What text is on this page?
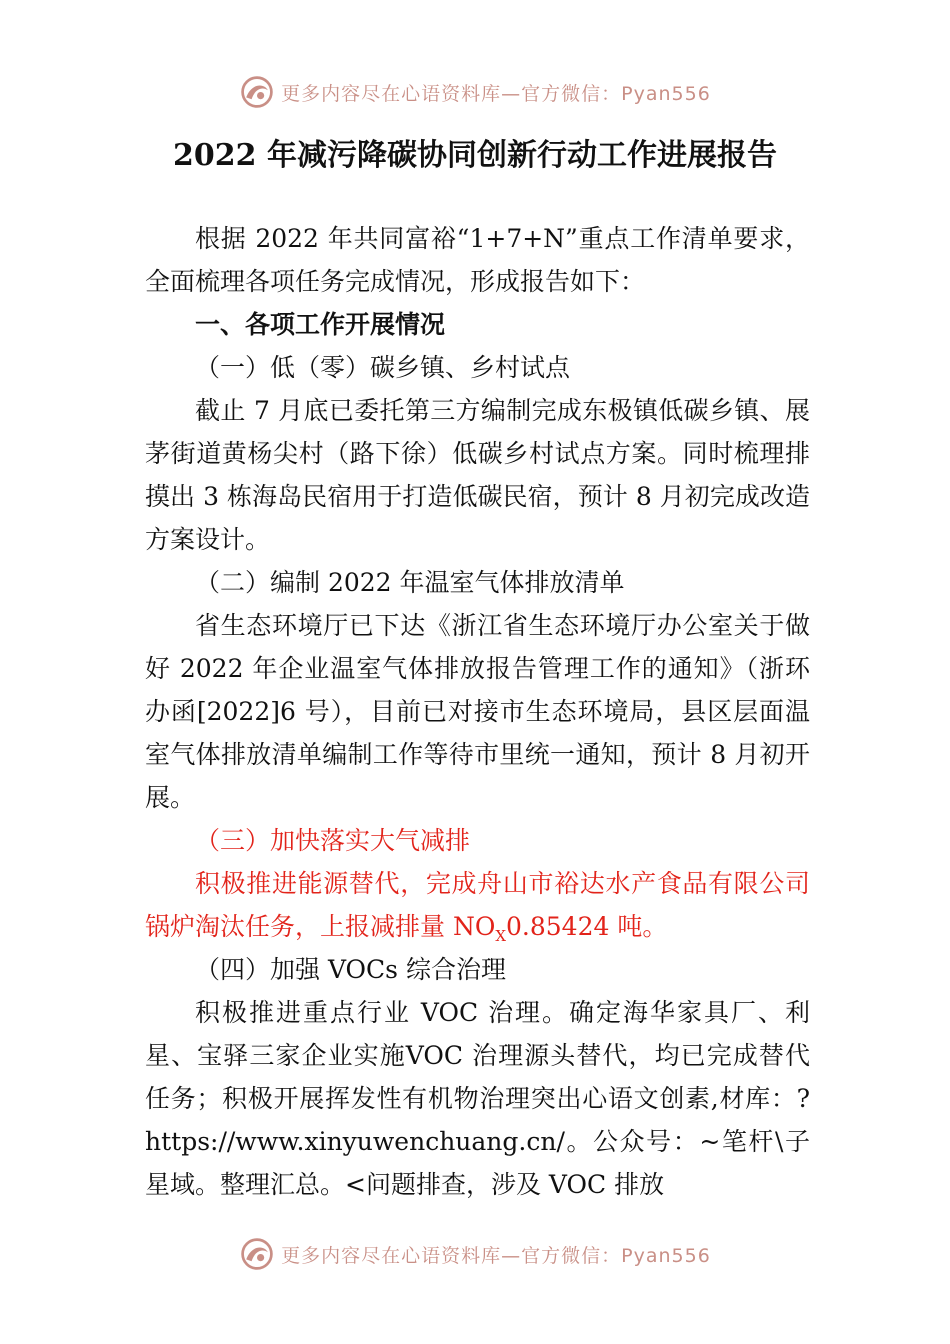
更多内容尽在心语资料库—官方微信：Pyan556
2022 年减污降碳协同创新行动工作进展报告

根据 2022 年共同富裕“1+7+N”重点工作清单要求，全面梳理各项任务完成情况，形成报告如下：

一、各项工作开展情况

（一）低（零）碳乡镇、乡村试点

截止 7 月底已委托第三方编制完成东极镇低碳乡镇、展茅街道黄杨尖村（路下徐）低碳乡村试点方案。同时梳理排摸出 3 栋海岛民宿用于打造低碳民宿，预计 8 月初完成改造方案设计。

（二）编制 2022 年温室气体排放清单

省生态环境厅已下达《浙江省生态环境厅办公室关于做好 2022 年企业温室气体排放报告管理工作的通知》（浙环办函[2022]6 号），目前已对接市生态环境局，县区层面温室气体排放清单编制工作等待市里统一通知，预计 8 月初开展。

（三）加快落实大气减排

积极推进能源替代，完成舟山市裕达水产食品有限公司锅炉淘汰任务，上报减排量 $NO_X0.85424$ 吨。

（四）加强 VOCs 综合治理

积极推进重点行业 VOC 治理。确定海华家具厂、利星、宝驿三家企业实施VOC 治理源头替代，均已完成替代任务；积极开展挥发性有机物治理突出心语文创素,材库：?https://www.xinyuwenchuang.cn/。公众号：~笔杆\子星域。整理汇总。<问题排查，涉及 VOC 排放

更多内容尽在心语资料库—官方微信：Pyan556
